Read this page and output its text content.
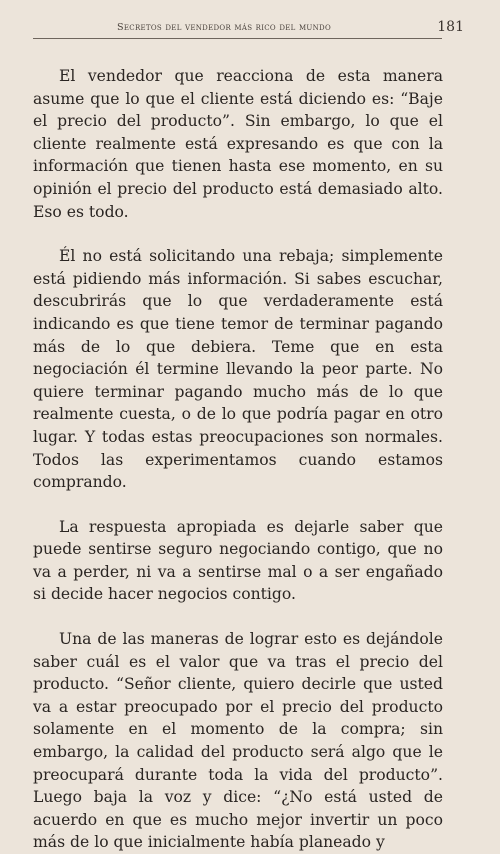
Secretos del vendedor más rico del mundo	181

El vendedor que reacciona de esta manera asume que lo que el cliente está diciendo es: “Baje el precio del producto”. Sin embargo, lo que el cliente realmente está expresando es que con la información que tienen hasta ese momento, en su opinión el precio del producto está demasiado alto. Eso es todo.

Él no está solicitando una rebaja; simplemente está pidiendo más información. Si sabes escuchar, descubrirás que lo que verdaderamente está indicando es que tiene temor de terminar pagando más de lo que debiera. Teme que en esta negociación él termine llevando la peor parte. No quiere terminar pagando mucho más de lo que realmente cuesta, o de lo que podría pagar en otro lugar. Y todas estas preocupaciones son normales. Todos las experimentamos cuando estamos comprando.

La respuesta apropiada es dejarle saber que puede sentirse seguro negociando contigo, que no va a perder, ni va a sentirse mal o a ser engañado si decide hacer negocios contigo.

Una de las maneras de lograr esto es dejándole saber cuál es el valor que va tras el precio del producto. “Señor cliente, quiero decirle que usted va a estar preocupado por el precio del producto solamente en el momento de la compra; sin embargo, la calidad del producto será algo que le preocupará durante toda la vida del producto”. Luego baja la voz y dice: “¿No está usted de acuerdo en que es mucho mejor invertir un poco más de lo que inicialmente había planeado y
